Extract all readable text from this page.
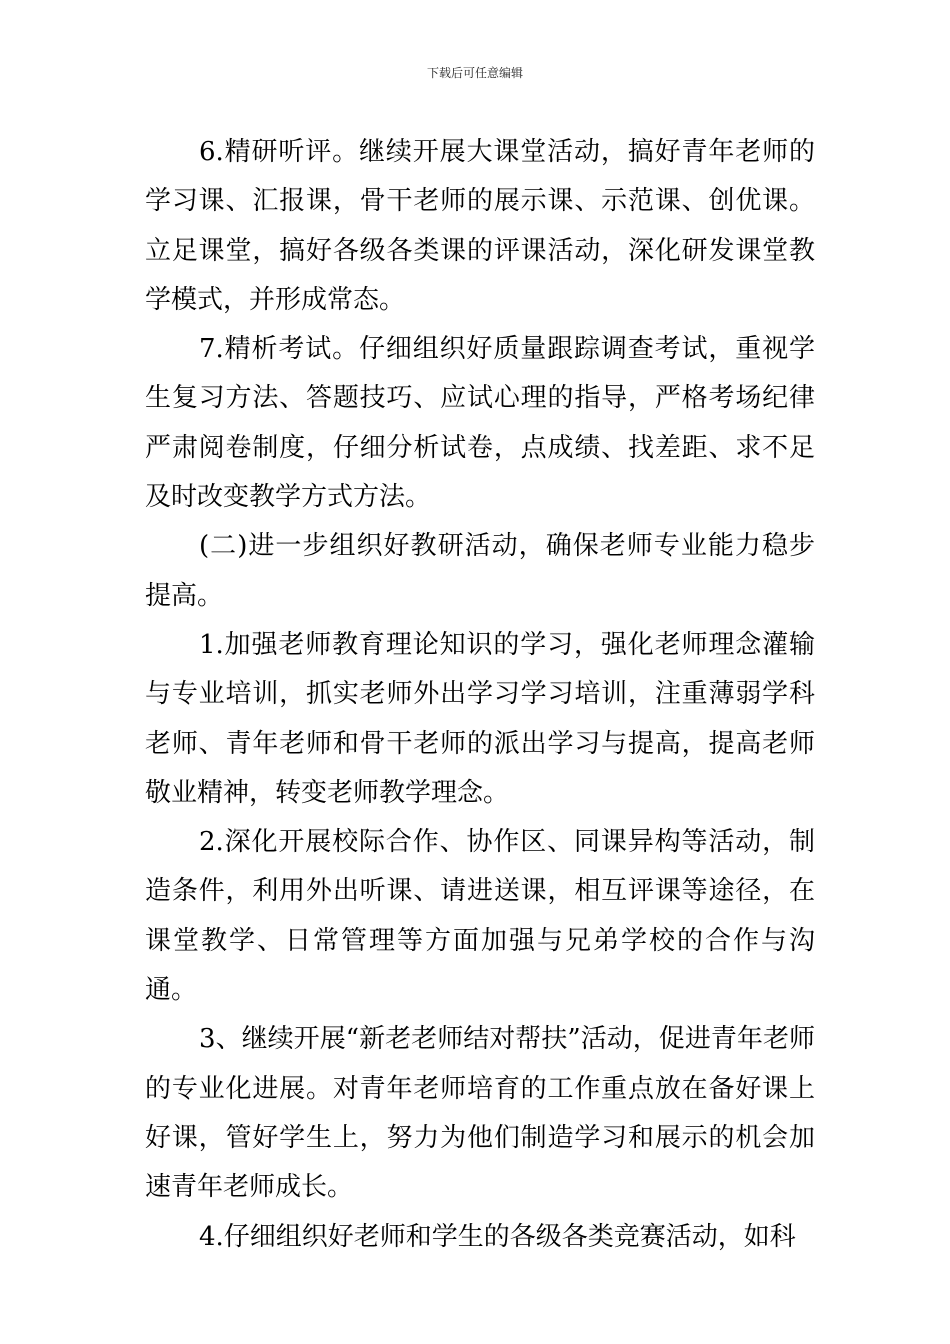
下载后可任意编辑

6.精研听评。继续开展大课堂活动，搞好青年老师的学习课、汇报课，骨干老师的展示课、示范课、创优课。立足课堂，搞好各级各类课的评课活动，深化研发课堂教学模式，并形成常态。

7.精析考试。仔细组织好质量跟踪调查考试，重视学生复习方法、答题技巧、应试心理的指导，严格考场纪律严肃阅卷制度，仔细分析试卷，点成绩、找差距、求不足及时改变教学方式方法。

(二)进一步组织好教研活动，确保老师专业能力稳步提高。

1.加强老师教育理论知识的学习，强化老师理念灌输与专业培训，抓实老师外出学习学习培训，注重薄弱学科老师、青年老师和骨干老师的派出学习与提高，提高老师敬业精神，转变老师教学理念。

2.深化开展校际合作、协作区、同课异构等活动，制造条件，利用外出听课、请进送课，相互评课等途径，在课堂教学、日常管理等方面加强与兄弟学校的合作与沟通。

3、继续开展“新老老师结对帮扶”活动，促进青年老师的专业化进展。对青年老师培育的工作重点放在备好课上好课，管好学生上，努力为他们制造学习和展示的机会加速青年老师成长。

4.仔细组织好老师和学生的各级各类竞赛活动，如科
